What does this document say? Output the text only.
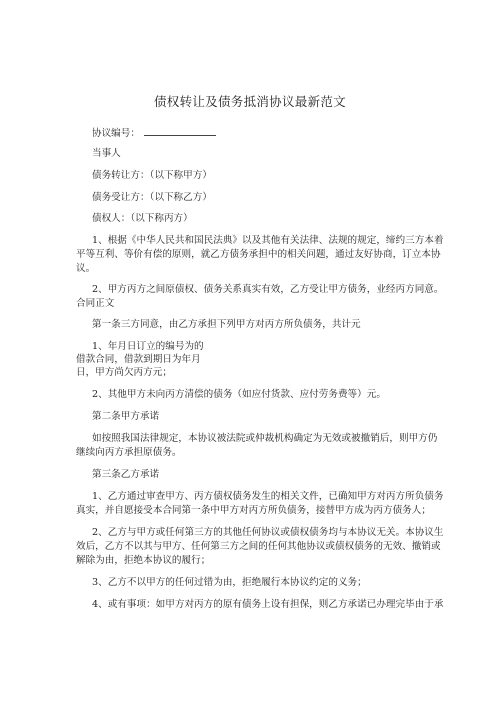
债权转让及债务抵消协议最新范文

协议编号：

当事人

债务转让方：（以下称甲方）

债务受让方：（以下称乙方）

债权人：（以下称丙方）

1、根据《中华人民共和国民法典》以及其他有关法律、法规的规定，缔约三方本着

平等互利、等价有偿的原则，就乙方债务承担中的相关问题，通过友好协商，订立本协

议。

2、甲方丙方之间原债权、债务关系真实有效，乙方受让甲方债务，业经丙方同意。

合同正文

第一条三方同意，由乙方承担下列甲方对丙方所负债务，共计元

1、年月日订立的编号为的

借款合同，借款到期日为年月

日，甲方尚欠丙方元；

2、其他甲方未向丙方清偿的债务（如应付货款、应付劳务费等）元。

第二条甲方承诺

如按照我国法律规定，本协议被法院或仲裁机构确定为无效或被撤销后，则甲方仍

继续向丙方承担原债务。

第三条乙方承诺

1、乙方通过审查甲方、丙方债权债务发生的相关文件，已确知甲方对丙方所负债务

真实，并自愿接受本合同第一条中甲方对丙方所负债务，接替甲方成为丙方债务人；

2、乙方与甲方或任何第三方的其他任何协议或债权债务均与本协议无关。本协议生

效后，乙方不以其与甲方、任何第三方之间的任何其他协议或债权债务的无效、撤销或

解除为由，拒绝本协议的履行；

3、乙方不以甲方的任何过错为由，拒绝履行本协议约定的义务；

4、或有事项：如甲方对丙方的原有债务上设有担保，则乙方承诺已办理完毕由于承
